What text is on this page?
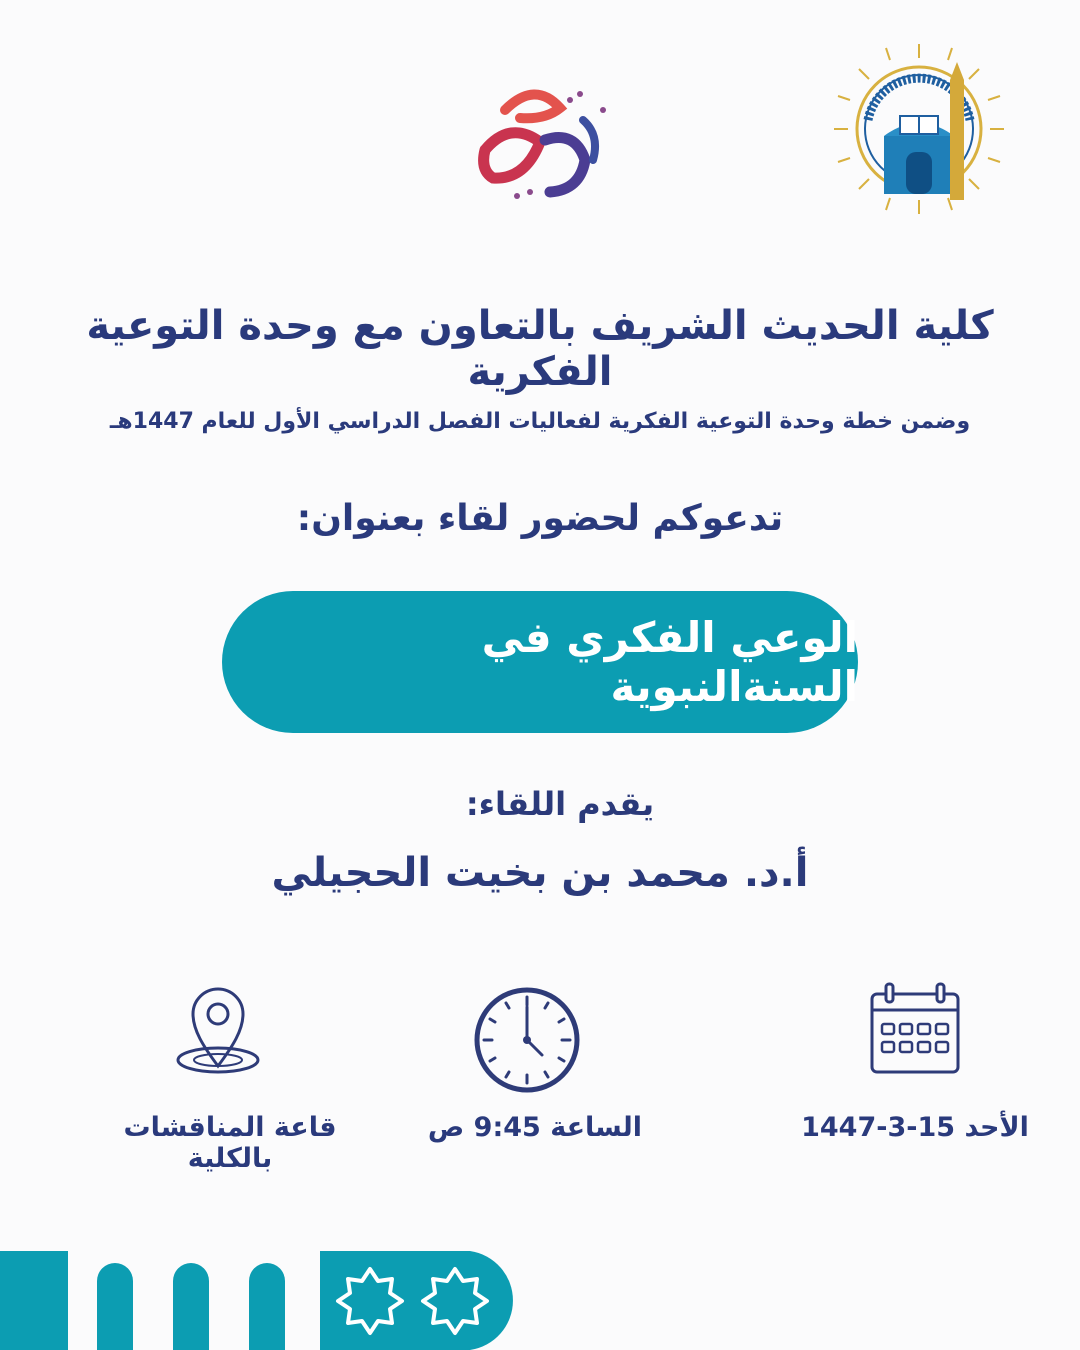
كلية الحديث الشريف بالتعاون مع وحدة التوعية الفكرية
وضمن خطة وحدة التوعية الفكرية لفعاليات الفصل الدراسي الأول للعام 1447هـ
تدعوكم لحضور لقاء بعنوان:
الوعي الفكري في السنةالنبوية
يقدم اللقاء:
أ.د. محمد بن بخيت الحجيلي
الأحد 15-3-1447
الساعة 9:45 ص
قاعة المناقشات بالكلية
